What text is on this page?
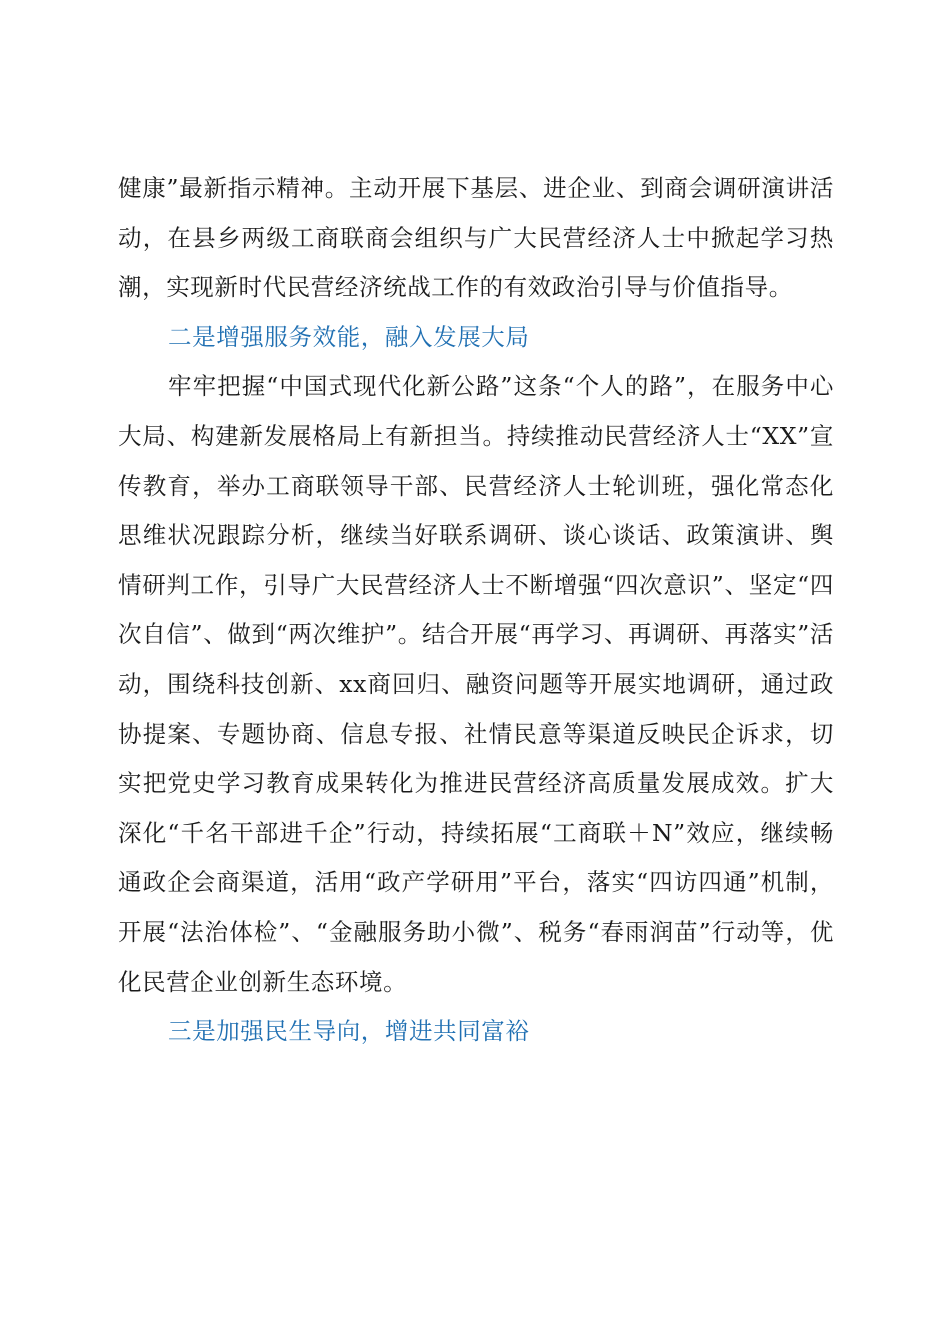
健康”最新指示精神。主动开展下基层、进企业、到商会调研演讲活动，在县乡两级工商联商会组织与广大民营经济人士中掀起学习热潮，实现新时代民营经济统战工作的有效政治引导与价值指导。

二是增强服务效能，融入发展大局

牢牢把握“中国式现代化新公路”这条“个人的路”，在服务中心大局、构建新发展格局上有新担当。持续推动民营经济人士“XX”宣传教育，举办工商联领导干部、民营经济人士轮训班，强化常态化思维状况跟踪分析，继续当好联系调研、谈心谈话、政策演讲、舆情研判工作，引导广大民营经济人士不断增强“四次意识”、坚定“四次自信”、做到“两次维护”。结合开展“再学习、再调研、再落实”活动，围绕科技创新、xx商回归、融资问题等开展实地调研，通过政协提案、专题协商、信息专报、社情民意等渠道反映民企诉求，切实把党史学习教育成果转化为推进民营经济高质量发展成效。扩大深化“千名干部进千企”行动，持续拓展“工商联＋N”效应，继续畅通政企会商渠道，活用“政产学研用”平台，落实“四访四通”机制，开展“法治体检”、“金融服务助小微”、税务“春雨润苗”行动等，优化民营企业创新生态环境。

三是加强民生导向，增进共同富裕
